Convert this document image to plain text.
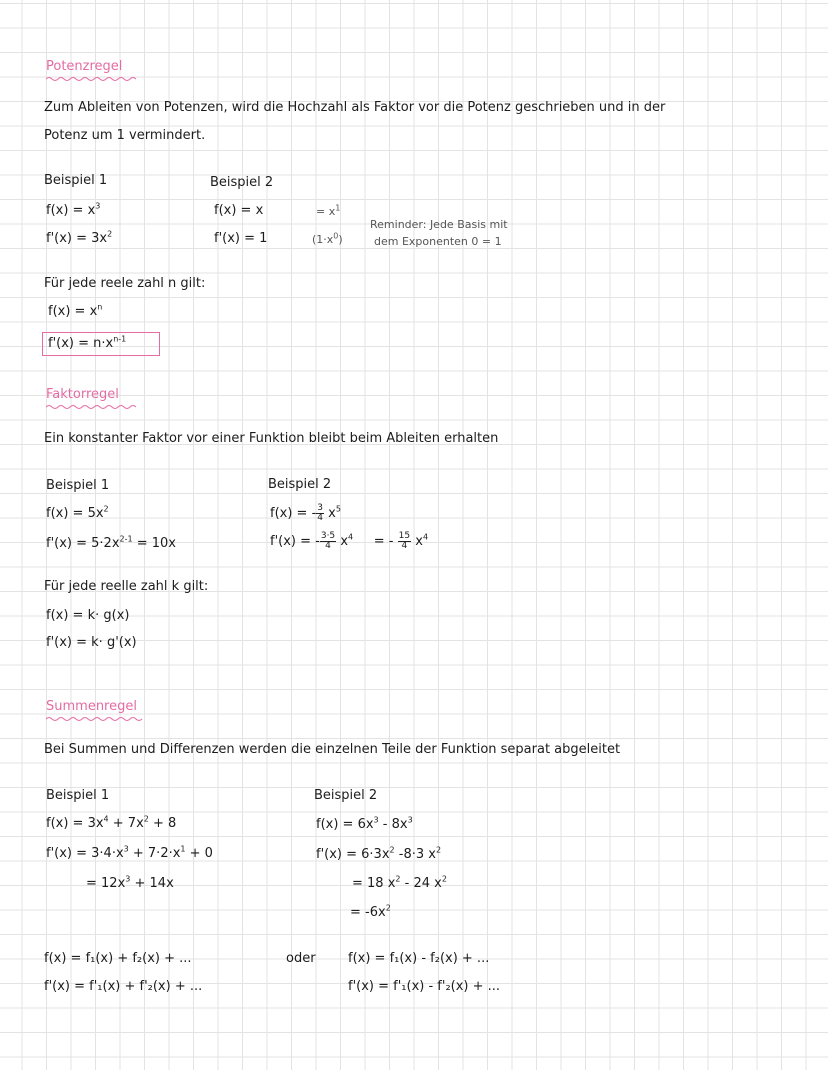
Potenzregel
Zum Ableiten von Potenzen, wird die Hochzahl als Faktor vor die Potenz geschrieben und in der
Potenz um 1 vermindert.
Beispiel 1
$f(x) = x^3$
$f'(x) = 3x^2$
Beispiel 2
f(x) = x
f'(x) = 1
= $x^1$
$(1\cdot x^0)$
Reminder: Jede Basis mit
dem Exponenten 0 = 1
Für jede reele zahl n gilt:
$f(x) = x^n$
$f'(x) = n\cdot x^{n-1}$
Faktorregel
Ein konstanter Faktor vor einer Funktion bleibt beim Ableiten erhalten
Beispiel 1
$f(x) = 5x^2$
$f'(x) = 5\cdot 2x^{2-1} = 10x$
Beispiel 2
f(x) = - $\frac{3}{4} x^5$
f'(x) = - $\frac{3\cdot 5}{4} x^4$ = - $\frac{15}{4} x^4$
Für jede reelle zahl k gilt:
f(x) = k· g(x)
f'(x) = k· g'(x)
Summenregel
Bei Summen und Differenzen werden die einzelnen Teile der Funktion separat abgeleitet
Beispiel 1
$f(x) = 3x^4 + 7x^2 + 8$
$f'(x) = 3\cdot 4\cdot x^3 + 7\cdot 2\cdot x^1 + 0$
= $12x^3 + 14x$
Beispiel 2
$f(x) = 6x^3 - 8x^3$
$f'(x) = 6\cdot 3x^2$ -8·3 $x^2$
= 18 $x^2 - 24$ $x^2$
= $-6x^2$
f(x) = f₁(x) + f₂(x) + ...
f'(x) = f'₁(x) + f'₂(x) + ...
oder f(x) = f₁(x) - f₂(x) + ...
f'(x) = f'₁(x) - f'₂(x) + ...
